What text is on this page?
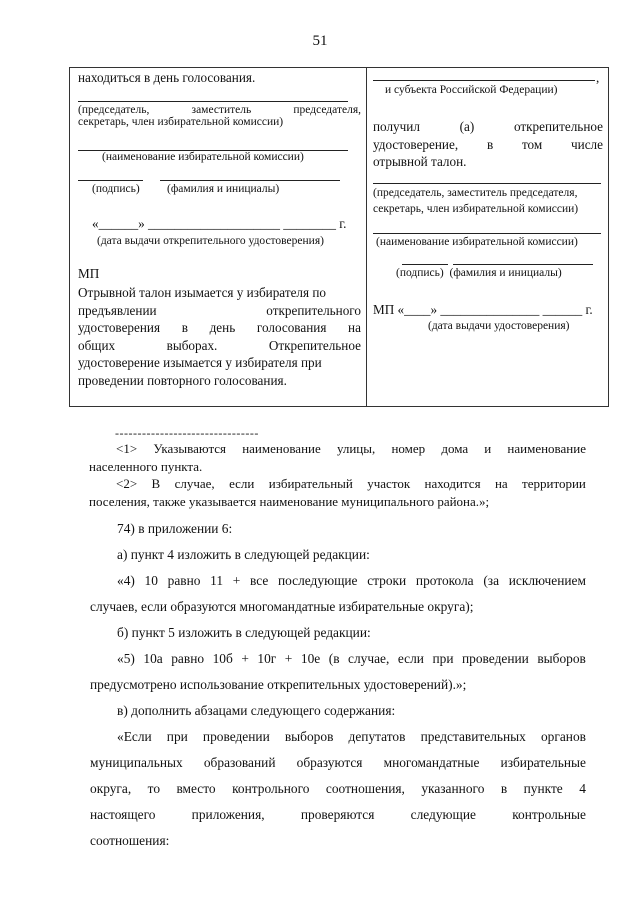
51
находиться в день голосования.
(председатель,	заместитель	председателя,
секретарь, член избирательной комиссии)
(наименование избирательной комиссии)
(подпись) (фамилия и инициалы)
«______» ____________________ ________ г.
(дата выдачи открепительного удостоверения)
МП
Отрывной талон изымается у избирателя по
предъявлении	открепительного
удостоверения в день голосования на
общих	выборах.	Открепительное
удостоверение изымается у избирателя при
проведении повторного голосования.
,
и субъекта Российской Федерации)
получил	(а)	открепительное
удостоверение, в том числе
отрывной талон.
(председатель, заместитель председателя,
секретарь, член избирательной комиссии)
(наименование избирательной комиссии)
(подпись)  (фамилия и инициалы)
МП «____» _______________ ______ г.
(дата выдачи удостоверения)
--------------------------------
<1> Указываются наименование улицы, номер дома и наименование
населенного пункта.
<2> В случае, если избирательный участок находится на территории
поселения, также указывается наименование муниципального района.»;
74) в приложении 6:
а) пункт 4 изложить в следующей редакции:
«4) 10 равно 11 + все последующие строки протокола (за исключением
случаев, если образуются многомандатные избирательные округа);
б) пункт 5 изложить в следующей редакции:
«5) 10а равно 10б + 10г + 10е (в случае, если при проведении выборов
предусмотрено использование открепительных удостоверений).»;
в) дополнить абзацами следующего содержания:
«Если при проведении выборов депутатов представительных органов
муниципальных образований образуются многомандатные избирательные
округа, то вместо контрольного соотношения, указанного в пункте 4
настоящего	приложения,	проверяются	следующие	контрольные
соотношения:
